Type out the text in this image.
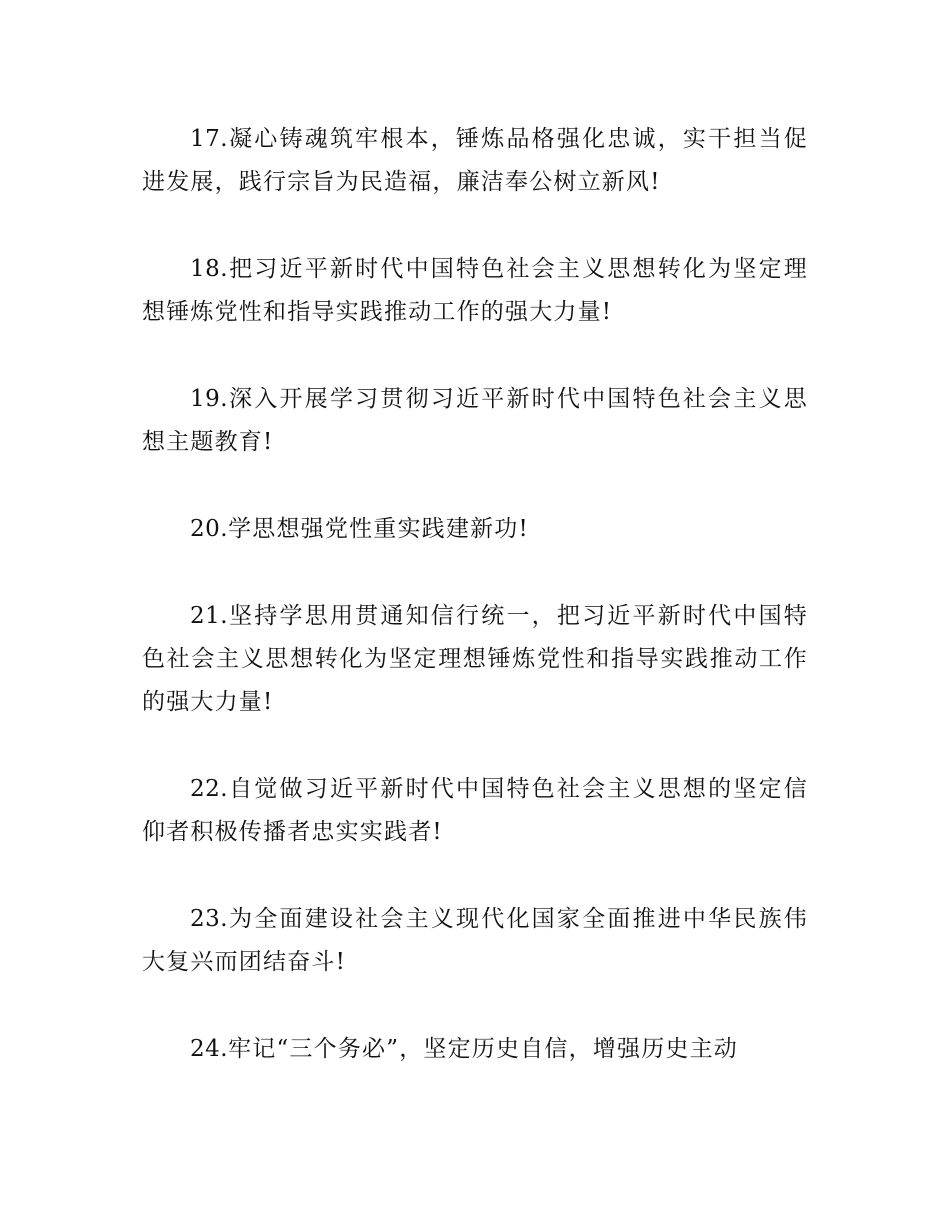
17.凝心铸魂筑牢根本，锤炼品格强化忠诚，实干担当促进发展，践行宗旨为民造福，廉洁奉公树立新风!

18.把习近平新时代中国特色社会主义思想转化为坚定理想锤炼党性和指导实践推动工作的强大力量!

19.深入开展学习贯彻习近平新时代中国特色社会主义思想主题教育!

20.学思想强党性重实践建新功!

21.坚持学思用贯通知信行统一，把习近平新时代中国特色社会主义思想转化为坚定理想锤炼党性和指导实践推动工作的强大力量!

22.自觉做习近平新时代中国特色社会主义思想的坚定信仰者积极传播者忠实实践者!

23.为全面建设社会主义现代化国家全面推进中华民族伟大复兴而团结奋斗!

24.牢记“三个务必”，坚定历史自信，增强历史主动
